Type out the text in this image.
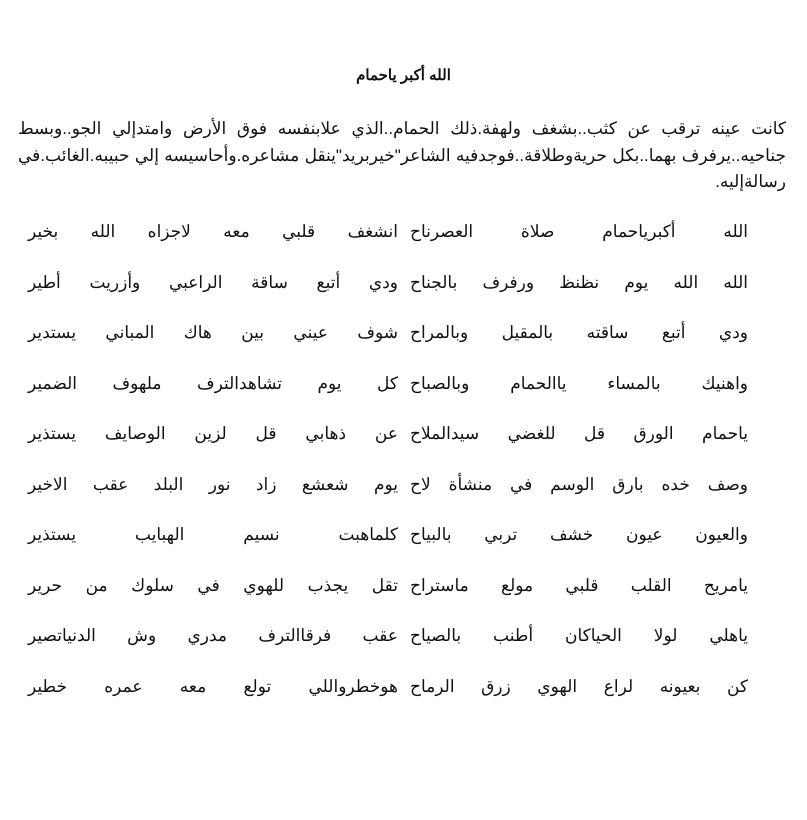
الله أكبر ياحمام
كانت عينه ترقب عن كثب..بشغف ولهفة.ذلك الحمام..الذي علابنفسه فوق الأرض وامتدإلي الجو..وبسط جناحيه..يرفرف بهما..بكل حريةوطلاقة..فوجدفيه الشاعر"خيربريد"ينقل مشاعره.وأحاسيسه إلي حبيبه.الغائب.في رسالةإليه.
الله أكبرياحمام صلاة العصرناح
انشغف قلبي معه لاجزاه الله بخير
الله الله يوم نظنظ ورفرف بالجناح
ودي أتبع ساقة الراعبي وأزريت أطير
ودي أتبع ساقته بالمقيل وبالمراح
شوف عيني بين هاك المباني يستدير
واهنيك بالمساء ياالحمام وبالصباح
كل يوم تشاهدالترف ملهوف الضمير
ياحمام الورق قل للغضي سيدالملاح
عن ذهابي قل لزين الوصايف يستذير
وصف خده بارق الوسم في منشأة لاح
يوم شعشع زاد نور البلد عقب الاخير
والعيون عيون خشف تربي بالبياح
كلماهبت نسيم الهبايب يستذير
يامريح القلب قلبي مولع ماستراح
تقل يجذب للهوي في سلوك من حرير
ياهلي لولا الحياكان أطنب بالصياح
عقب فرقاالترف مدري وش الدنياتصير
كن بعيونه لراع الهوي زرق الرماح
هوخطرواللي تولع معه عمره خطير
